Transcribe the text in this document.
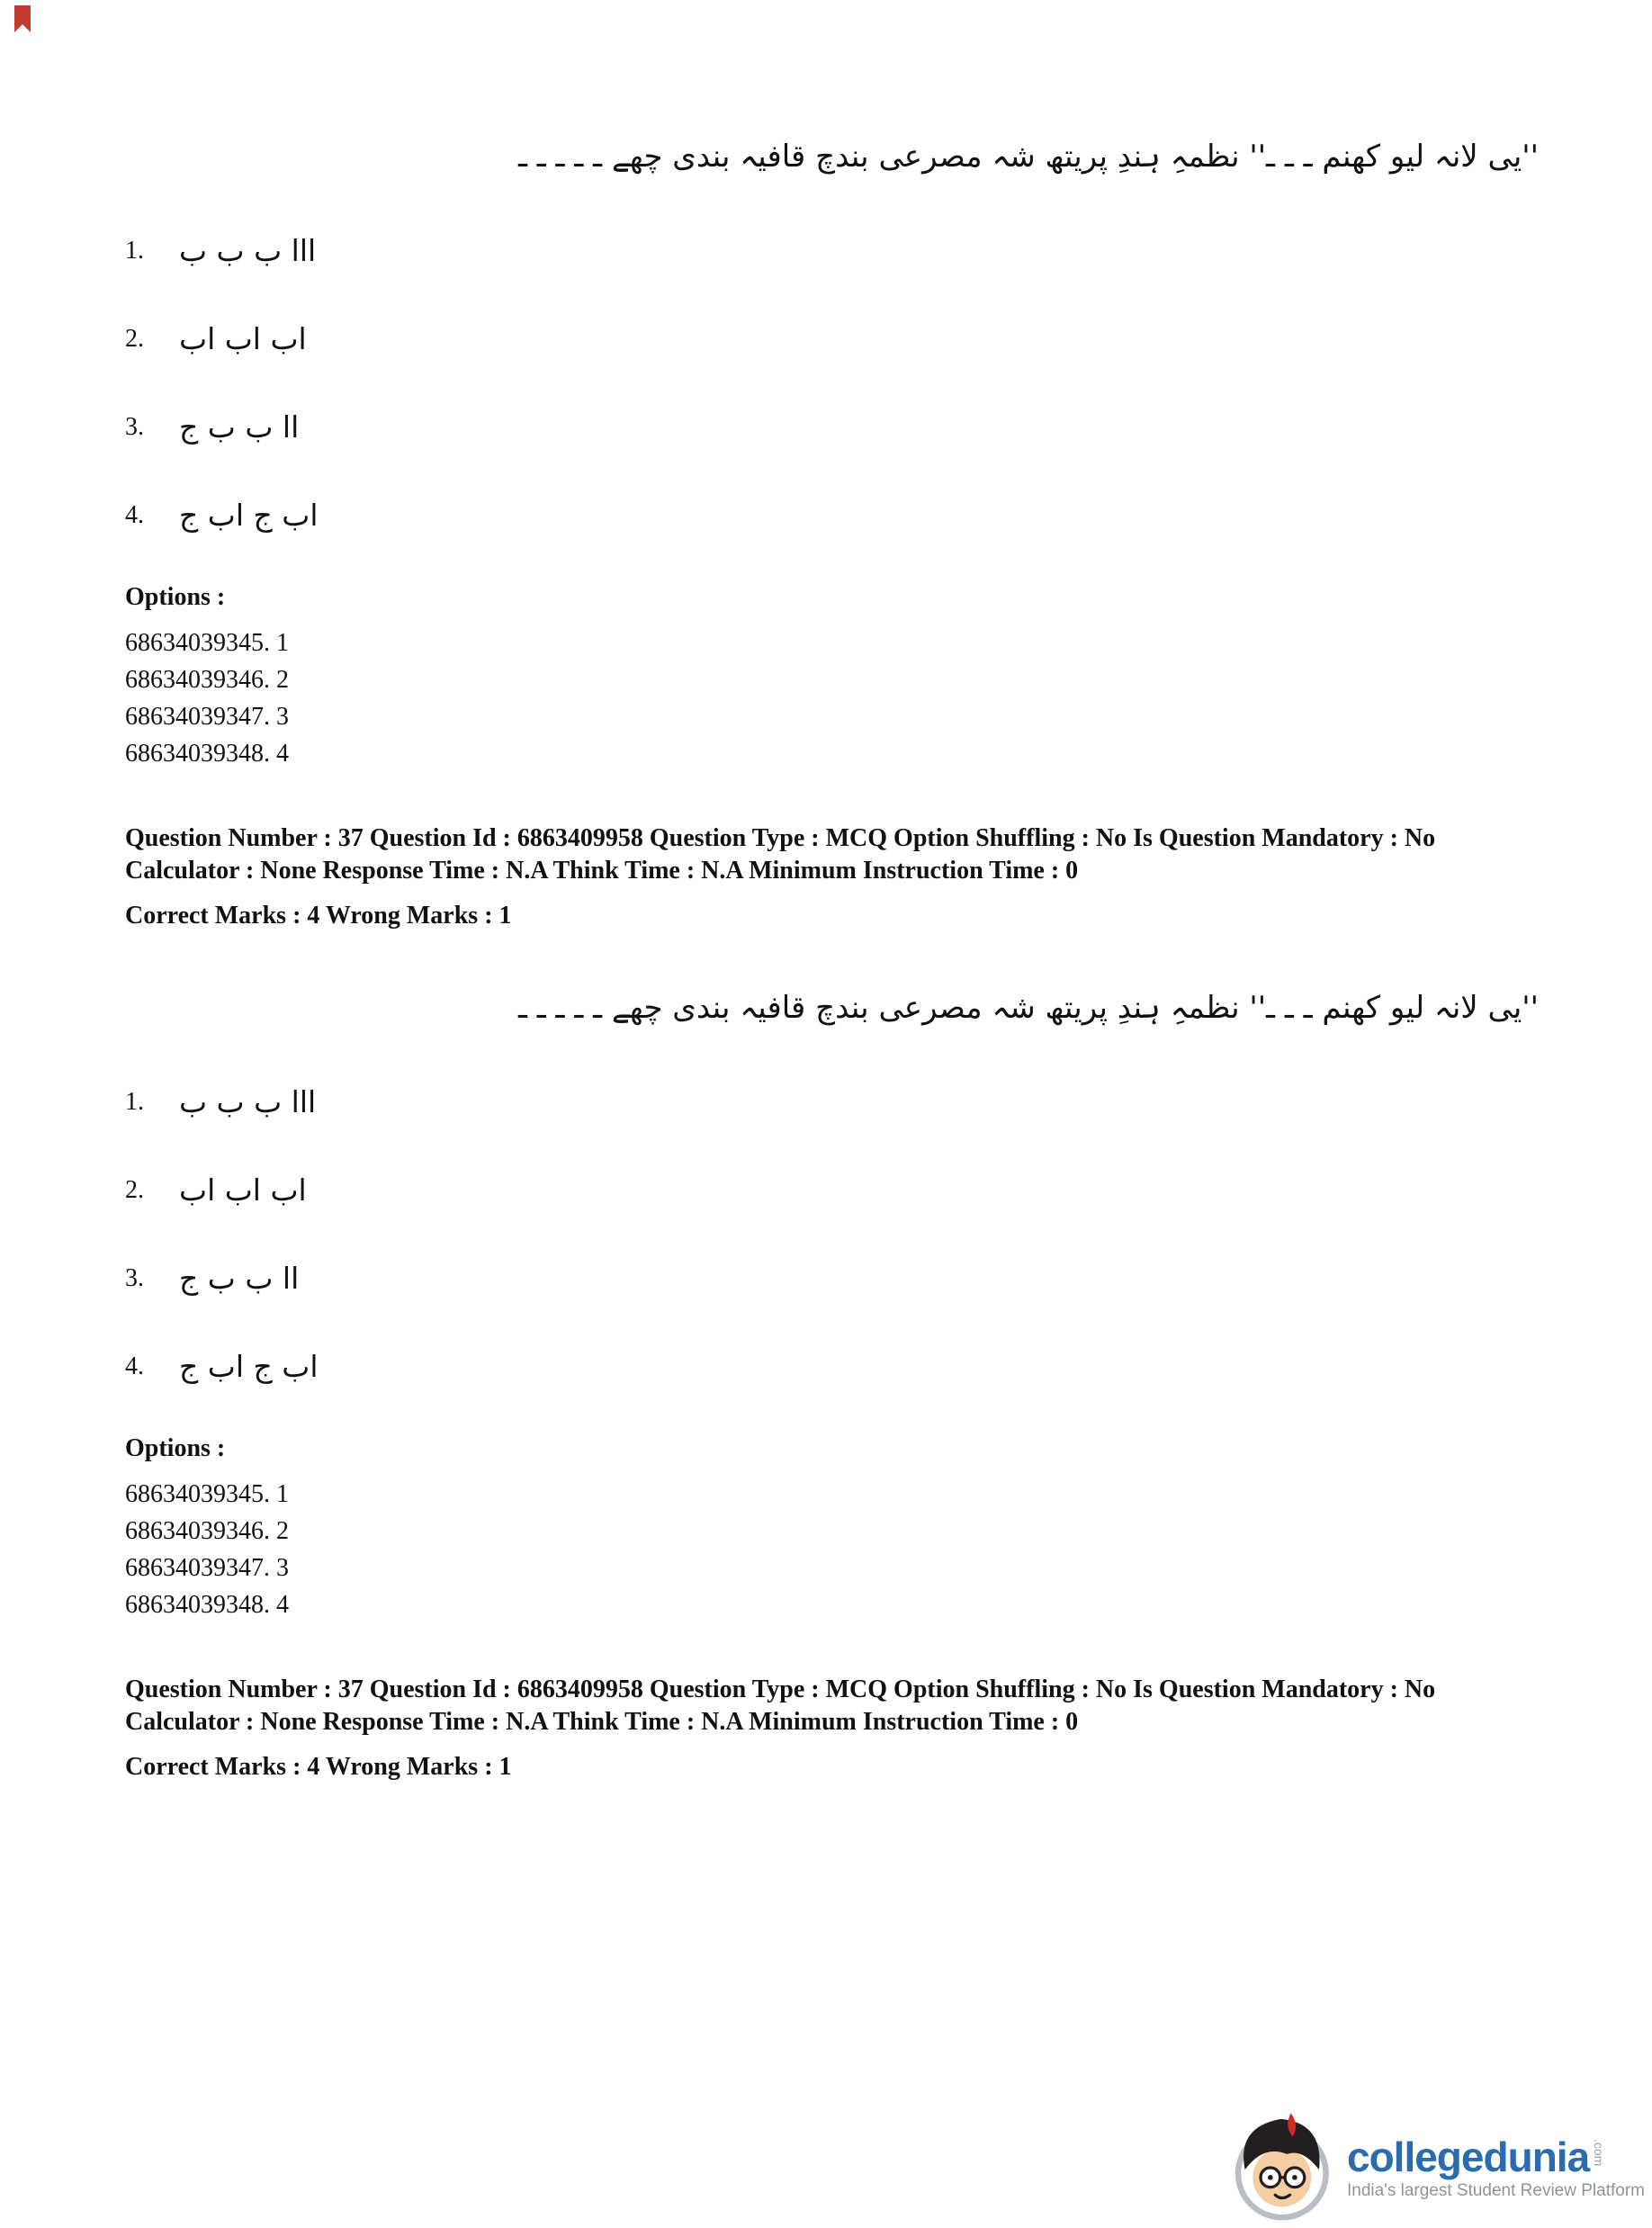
''یی لانہ لیو کھنم ـ ـ ـ'' نظمہِ ہندِ پریتھ شہ مصرعی بندچ قافیہ بندی چھے ـ ـ ـ ـ ـ

1.	ااا ب ب ب
2.	اب اب اب
3.	اا ب ب ج
4.	اب ج اب ج

Options :

68634039345. 1

68634039346. 2

68634039347. 3

68634039348. 4

Question Number : 37 Question Id : 6863409958 Question Type : MCQ Option Shuffling : No Is Question Mandatory : No Calculator : None Response Time : N.A Think Time : N.A Minimum Instruction Time : 0

Correct Marks : 4 Wrong Marks : 1

''یی لانہ لیو کھنم ـ ـ ـ'' نظمہِ ہندِ پریتھ شہ مصرعی بندچ قافیہ بندی چھے ـ ـ ـ ـ ـ

1.	ااا ب ب ب
2.	اب اب اب
3.	اا ب ب ج
4.	اب ج اب ج

Options :

68634039345. 1

68634039346. 2

68634039347. 3

68634039348. 4

Question Number : 37 Question Id : 6863409958 Question Type : MCQ Option Shuffling : No Is Question Mandatory : No Calculator : None Response Time : N.A Think Time : N.A Minimum Instruction Time : 0

Correct Marks : 4 Wrong Marks : 1

collegedunia .com
India's largest Student Review Platform
